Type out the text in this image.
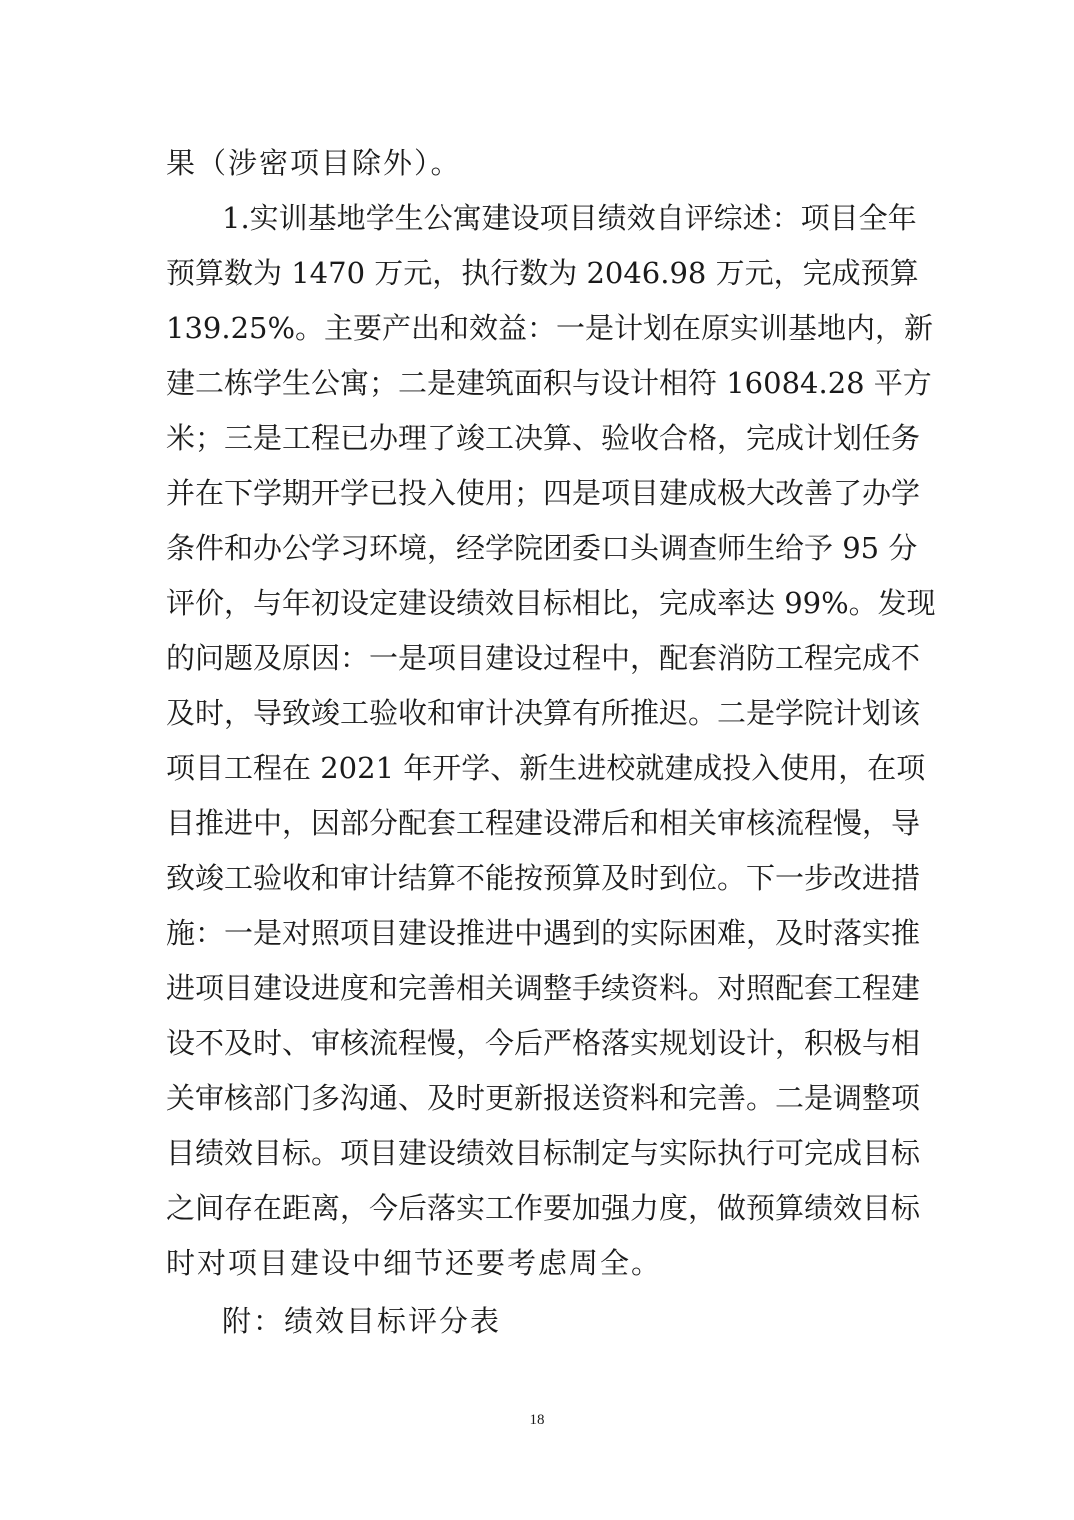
果（涉密项目除外）。
1.实训基地学生公寓建设项目绩效自评综述：项目全年
预算数为 1470 万元，执行数为 2046.98 万元，完成预算
139.25%。主要产出和效益：一是计划在原实训基地内，新
建二栋学生公寓；二是建筑面积与设计相符 16084.28 平方
米；三是工程已办理了竣工决算、验收合格，完成计划任务
并在下学期开学已投入使用；四是项目建成极大改善了办学
条件和办公学习环境，经学院团委口头调查师生给予 95 分
评价，与年初设定建设绩效目标相比，完成率达 99%。发现
的问题及原因：一是项目建设过程中，配套消防工程完成不
及时，导致竣工验收和审计决算有所推迟。二是学院计划该
项目工程在 2021 年开学、新生进校就建成投入使用，在项
目推进中，因部分配套工程建设滞后和相关审核流程慢，导
致竣工验收和审计结算不能按预算及时到位。下一步改进措
施：一是对照项目建设推进中遇到的实际困难，及时落实推
进项目建设进度和完善相关调整手续资料。对照配套工程建
设不及时、审核流程慢，今后严格落实规划设计，积极与相
关审核部门多沟通、及时更新报送资料和完善。二是调整项
目绩效目标。项目建设绩效目标制定与实际执行可完成目标
之间存在距离，今后落实工作要加强力度，做预算绩效目标
时对项目建设中细节还要考虑周全。
附：绩效目标评分表
18
